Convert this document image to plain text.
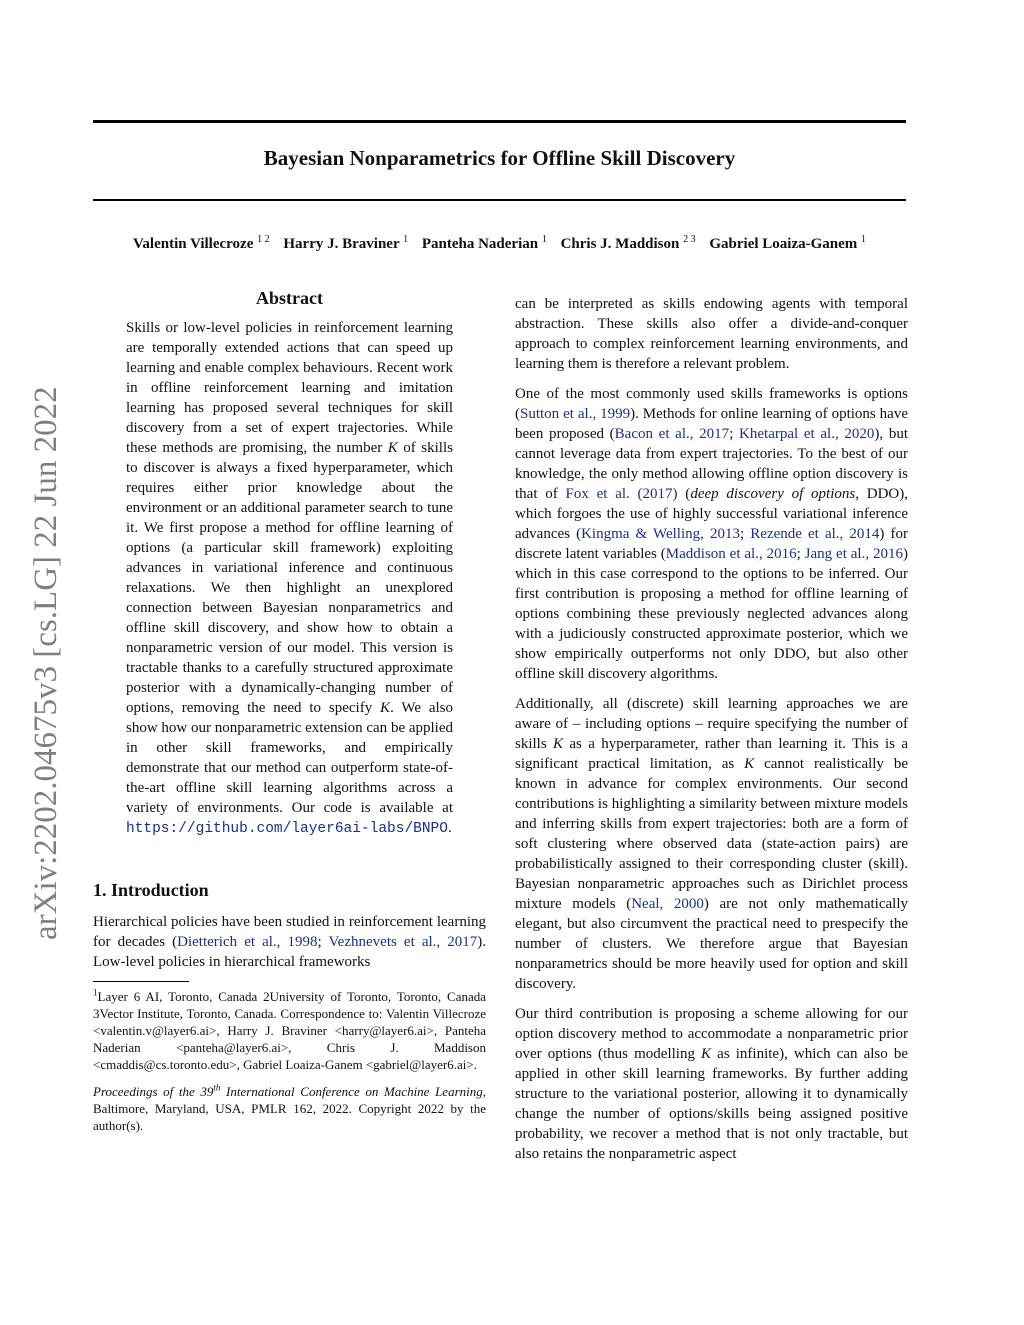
arXiv:2202.04675v3 [cs.LG] 22 Jun 2022
Bayesian Nonparametrics for Offline Skill Discovery
Valentin Villecroze $^{1 2}$ Harry J. Braviner $^1$ Panteha Naderian $^1$ Chris J. Maddison $^{2 3}$ Gabriel Loaiza-Ganem $^1$
Abstract

Skills or low-level policies in reinforcement learning are temporally extended actions that can speed up learning and enable complex behaviours. Recent work in offline reinforcement learning and imitation learning has proposed several techniques for skill discovery from a set of expert trajectories. While these methods are promising, the number K of skills to discover is always a fixed hyperparameter, which requires either prior knowledge about the environment or an additional parameter search to tune it. We first propose a method for offline learning of options (a particular skill framework) exploiting advances in variational inference and continuous relaxations. We then highlight an unexplored connection between Bayesian nonparametrics and offline skill discovery, and show how to obtain a nonparametric version of our model. This version is tractable thanks to a carefully structured approximate posterior with a dynamically-changing number of options, removing the need to specify K. We also show how our nonparametric extension can be applied in other skill frameworks, and empirically demonstrate that our method can outperform state-of-the-art offline skill learning algorithms across a variety of environments. Our code is available at https://github.com/layer6ai-labs/BNPO.

1. Introduction

Hierarchical policies have been studied in reinforcement learning for decades (Dietterich et al., 1998; Vezhnevets et al., 2017). Low-level policies in hierarchical frameworks

$^1$Layer 6 AI, Toronto, Canada 2University of Toronto, Toronto, Canada 3Vector Institute, Toronto, Canada. Correspondence to: Valentin Villecroze <valentin.v@layer6.ai>, Harry J. Braviner <harry@layer6.ai>, Panteha Naderian <panteha@layer6.ai>, Chris J. Maddison <cmaddis@cs.toronto.edu>, Gabriel Loaiza-Ganem <gabriel@layer6.ai>.

Proceedings of the 39th International Conference on Machine Learning, Baltimore, Maryland, USA, PMLR 162, 2022. Copyright 2022 by the author(s).

can be interpreted as skills endowing agents with temporal abstraction. These skills also offer a divide-and-conquer approach to complex reinforcement learning environments, and learning them is therefore a relevant problem.

One of the most commonly used skills frameworks is options (Sutton et al., 1999). Methods for online learning of options have been proposed (Bacon et al., 2017; Khetarpal et al., 2020), but cannot leverage data from expert trajectories. To the best of our knowledge, the only method allowing offline option discovery is that of Fox et al. (2017) (deep discovery of options, DDO), which forgoes the use of highly successful variational inference advances (Kingma & Welling, 2013; Rezende et al., 2014) for discrete latent variables (Maddison et al., 2016; Jang et al., 2016) which in this case correspond to the options to be inferred. Our first contribution is proposing a method for offline learning of options combining these previously neglected advances along with a judiciously constructed approximate posterior, which we show empirically outperforms not only DDO, but also other offline skill discovery algorithms.

Additionally, all (discrete) skill learning approaches we are aware of – including options – require specifying the number of skills K as a hyperparameter, rather than learning it. This is a significant practical limitation, as K cannot realistically be known in advance for complex environments. Our second contributions is highlighting a similarity between mixture models and inferring skills from expert trajectories: both are a form of soft clustering where observed data (state-action pairs) are probabilistically assigned to their corresponding cluster (skill). Bayesian nonparametric approaches such as Dirichlet process mixture models (Neal, 2000) are not only mathematically elegant, but also circumvent the practical need to prespecify the number of clusters. We therefore argue that Bayesian nonparametrics should be more heavily used for option and skill discovery.

Our third contribution is proposing a scheme allowing for our option discovery method to accommodate a nonparametric prior over options (thus modelling K as infinite), which can also be applied in other skill learning frameworks. By further adding structure to the variational posterior, allowing it to dynamically change the number of options/skills being assigned positive probability, we recover a method that is not only tractable, but also retains the nonparametric aspect
